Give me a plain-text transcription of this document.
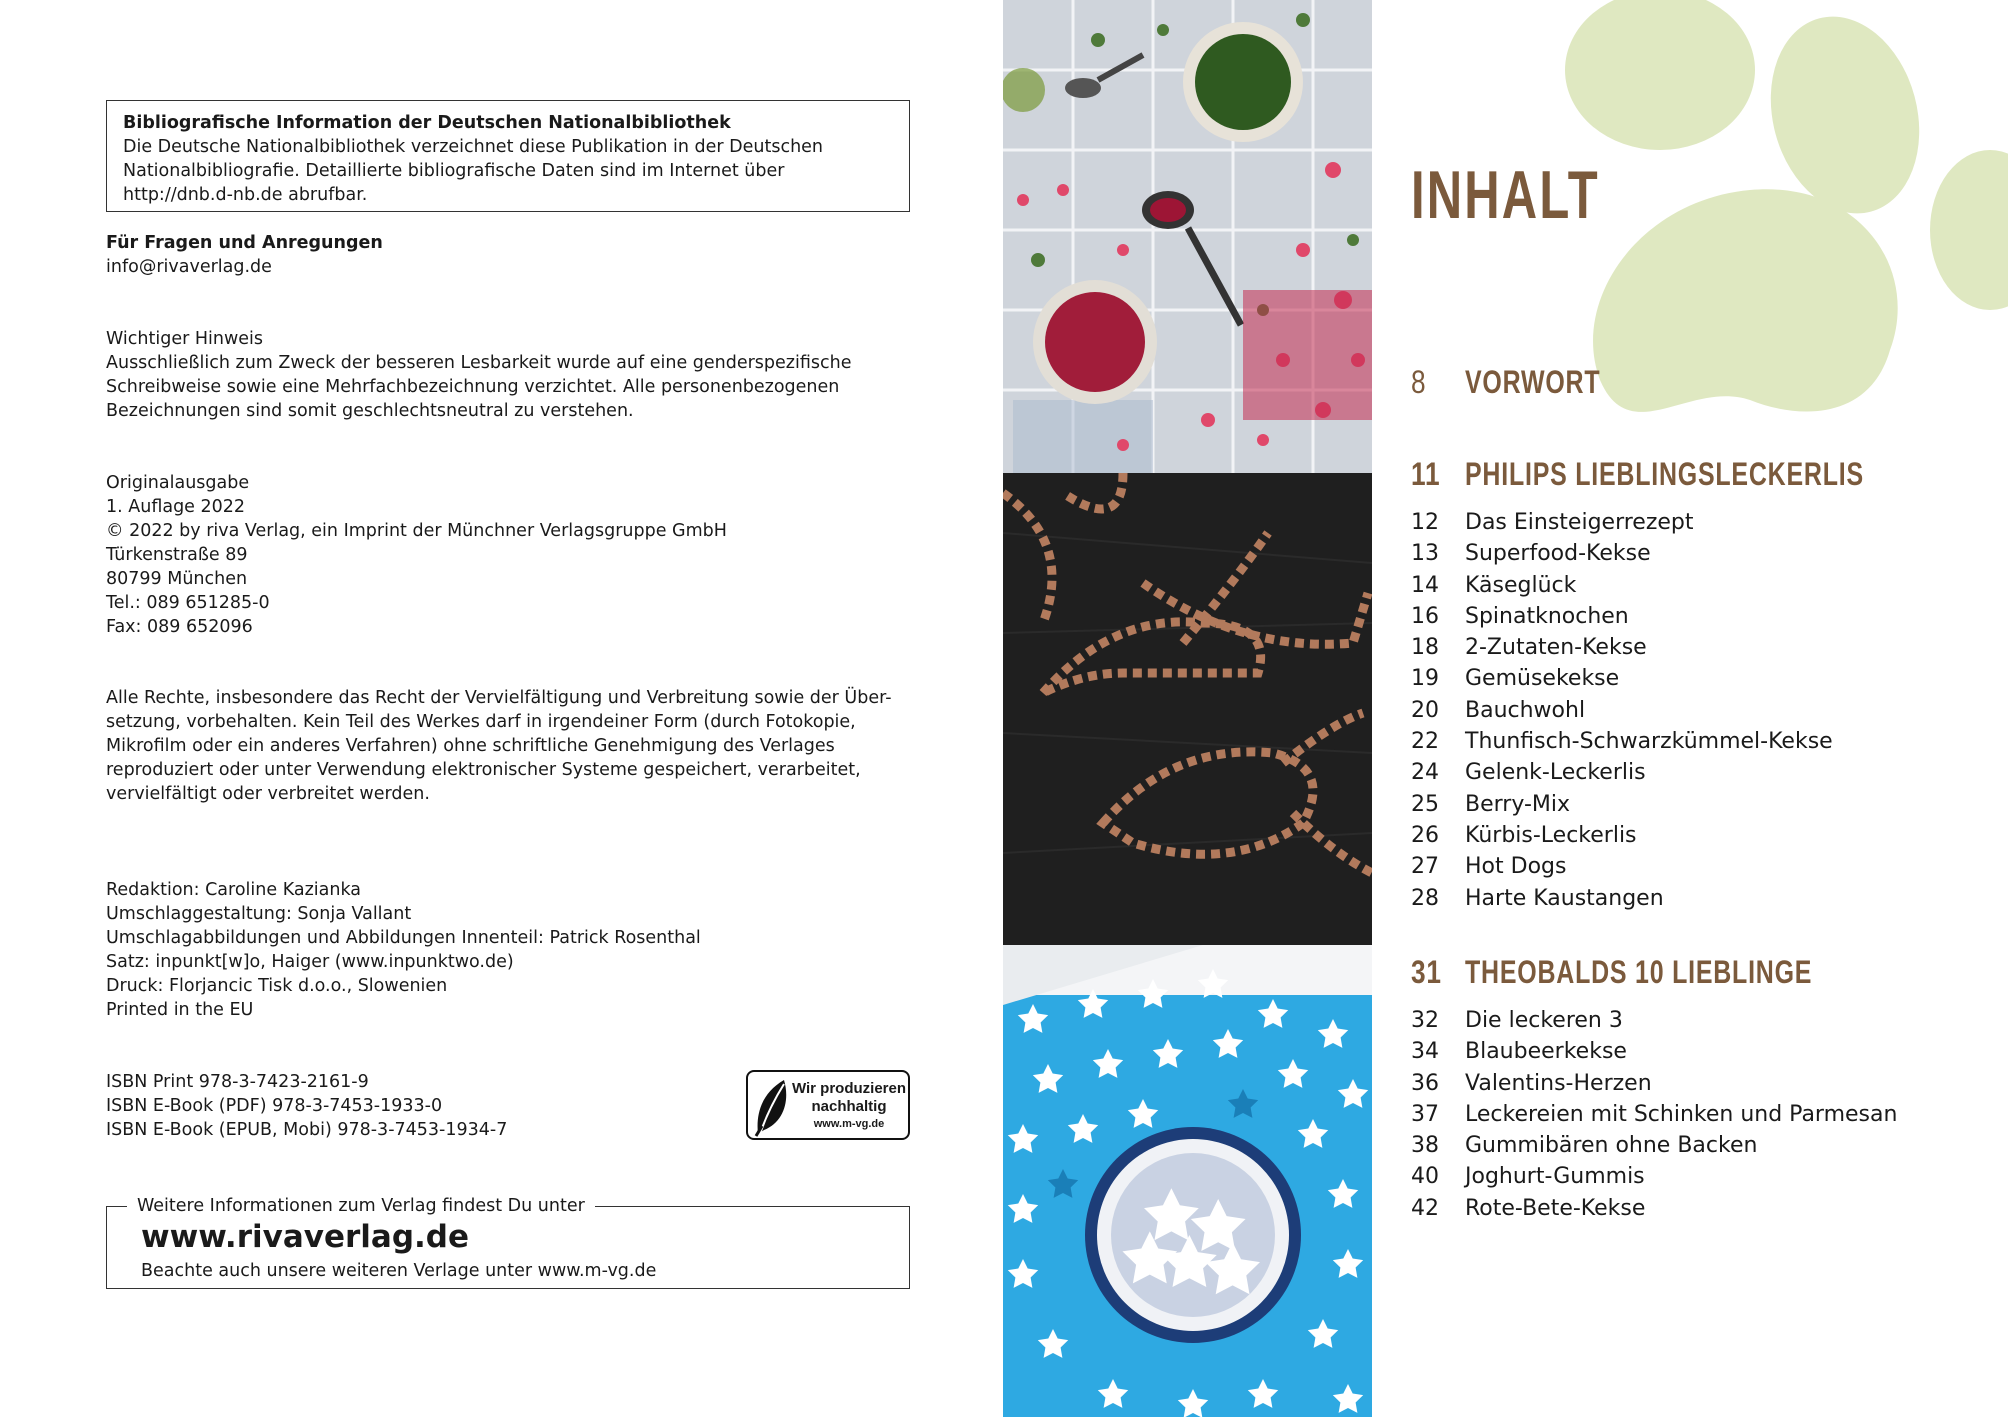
Bibliografische Information der Deutschen Nationalbibliothek
Die Deutsche Nationalbibliothek verzeichnet diese Publikation in der Deutschen
Nationalbibliografie. Detaillierte bibliografische Daten sind im Internet über
http://dnb.d-nb.de abrufbar.
Für Fragen und Anregungen
info@rivaverlag.de
Wichtiger Hinweis
Ausschließlich zum Zweck der besseren Lesbarkeit wurde auf eine genderspezifische
Schreibweise sowie eine Mehrfachbezeichnung verzichtet. Alle personenbezogenen
Bezeichnungen sind somit geschlechtsneutral zu verstehen.
Originalausgabe
1. Auflage 2022
© 2022 by riva Verlag, ein Imprint der Münchner Verlagsgruppe GmbH
Türkenstraße 89
80799 München
Tel.: 089 651285-0
Fax: 089 652096
Alle Rechte, insbesondere das Recht der Vervielfältigung und Verbreitung sowie der Über-
setzung, vorbehalten. Kein Teil des Werkes darf in irgendeiner Form (durch Fotokopie,
Mikrofilm oder ein anderes Verfahren) ohne schriftliche Genehmigung des Verlages
reproduziert oder unter Verwendung elektronischer Systeme gespeichert, verarbeitet,
vervielfältigt oder verbreitet werden.
Redaktion: Caroline Kazianka
Umschlaggestaltung: Sonja Vallant
Umschlagabbildungen und Abbildungen Innenteil: Patrick Rosenthal
Satz: inpunkt[w]o, Haiger (www.inpunktwo.de)
Druck: Florjancic Tisk d.o.o., Slowenien
Printed in the EU
ISBN Print 978-3-7423-2161-9
ISBN E-Book (PDF) 978-3-7453-1933-0
ISBN E-Book (EPUB, Mobi) 978-3-7453-1934-7
Wir produzieren
nachhaltig
www.m-vg.de
Weitere Informationen zum Verlag findest Du unter
www.rivaverlag.de
Beachte auch unsere weiteren Verlage unter www.m-vg.de
INHALT
8 VORWORT
11 PHILIPS LIEBLINGSLECKERLIS
12 Das Einsteigerrezept
13 Superfood-Kekse
14 Käseglück
16 Spinatknochen
18 2-Zutaten-Kekse
19 Gemüsekekse
20 Bauchwohl
22 Thunfisch-Schwarzkümmel-Kekse
24 Gelenk-Leckerlis
25 Berry-Mix
26 Kürbis-Leckerlis
27 Hot Dogs
28 Harte Kaustangen
31 THEOBALDS 10 LIEBLINGE
32 Die leckeren 3
34 Blaubeerkekse
36 Valentins-Herzen
37 Leckereien mit Schinken und Parmesan
38 Gummibären ohne Backen
40 Joghurt-Gummis
42 Rote-Bete-Kekse
